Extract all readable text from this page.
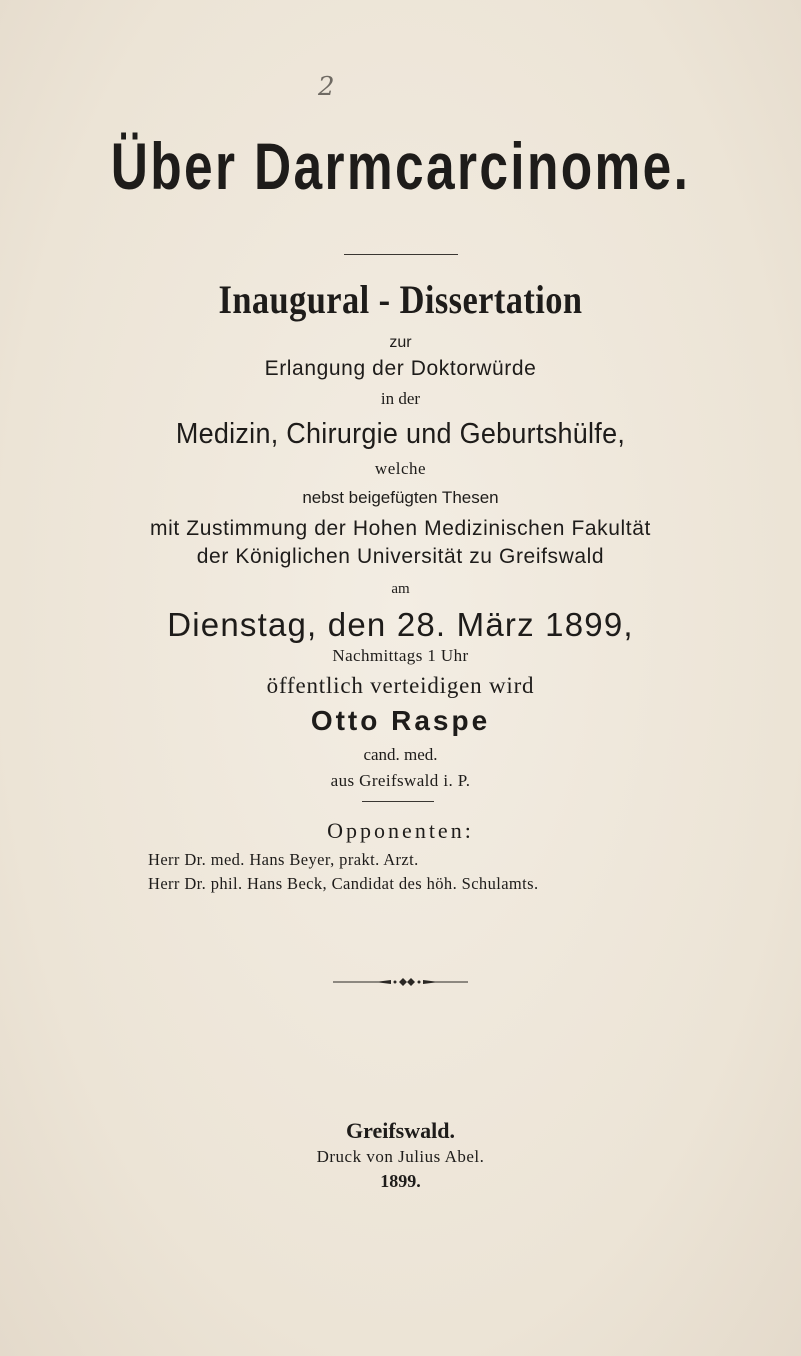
2
Über Darmcarcinome.
Inaugural - Dissertation
zur
Erlangung der Doktorwürde
in der
Medizin, Chirurgie und Geburtshülfe,
welche
nebst beigefügten Thesen
mit Zustimmung der Hohen Medizinischen Fakultät
der Königlichen Universität zu Greifswald
am
Dienstag, den 28. März 1899,
Nachmittags 1 Uhr
öffentlich verteidigen wird
Otto Raspe
cand. med.
aus Greifswald i. P.
Opponenten:
Herr Dr. med. Hans Beyer, prakt. Arzt.
Herr Dr. phil. Hans Beck, Candidat des höh. Schulamts.
Greifswald.
Druck von Julius Abel.
1899.
